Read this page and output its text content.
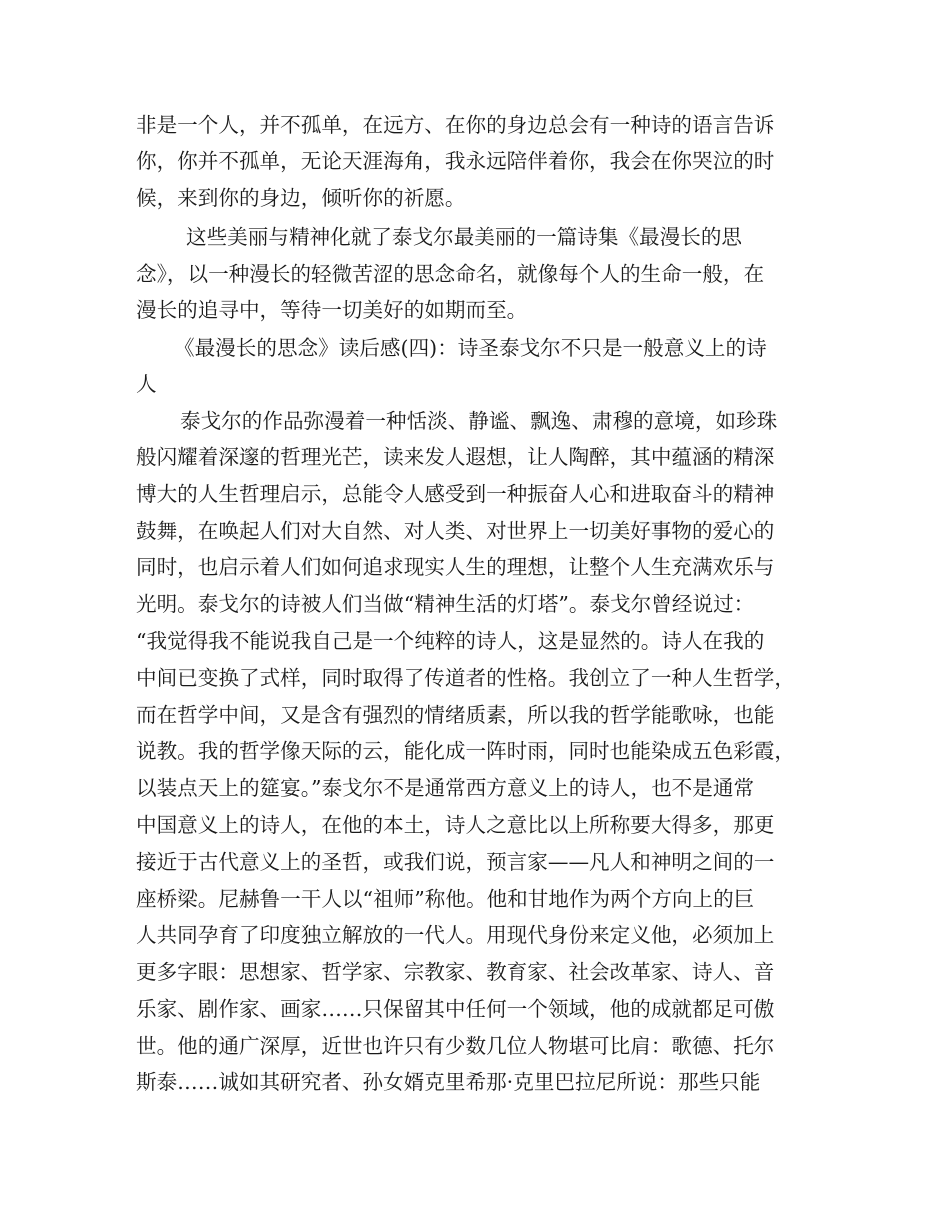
非是一个人，并不孤单，在远方、在你的身边总会有一种诗的语言告诉
你，你并不孤单，无论天涯海角，我永远陪伴着你，我会在你哭泣的时
候，来到你的身边，倾听你的祈愿。
这些美丽与精神化就了泰戈尔最美丽的一篇诗集《最漫长的思
念》，以一种漫长的轻微苦涩的思念命名，就像每个人的生命一般，在
漫长的追寻中，等待一切美好的如期而至。
《最漫长的思念》读后感(四)：诗圣泰戈尔不只是一般意义上的诗
人
泰戈尔的作品弥漫着一种恬淡、静谧、飘逸、肃穆的意境，如珍珠
般闪耀着深邃的哲理光芒，读来发人遐想，让人陶醉，其中蕴涵的精深
博大的人生哲理启示，总能令人感受到一种振奋人心和进取奋斗的精神
鼓舞，在唤起人们对大自然、对人类、对世界上一切美好事物的爱心的
同时，也启示着人们如何追求现实人生的理想，让整个人生充满欢乐与
光明。泰戈尔的诗被人们当做“精神生活的灯塔”。泰戈尔曾经说过：
“我觉得我不能说我自己是一个纯粹的诗人，这是显然的。诗人在我的
中间已变换了式样，同时取得了传道者的性格。我创立了一种人生哲学，
而在哲学中间，又是含有强烈的情绪质素，所以我的哲学能歌咏，也能
说教。我的哲学像天际的云，能化成一阵时雨，同时也能染成五色彩霞，
以装点天上的筵宴。”泰戈尔不是通常西方意义上的诗人，也不是通常
中国意义上的诗人，在他的本土，诗人之意比以上所称要大得多，那更
接近于古代意义上的圣哲，或我们说，预言家——凡人和神明之间的一
座桥梁。尼赫鲁一干人以“祖师”称他。他和甘地作为两个方向上的巨
人共同孕育了印度独立解放的一代人。用现代身份来定义他，必须加上
更多字眼：思想家、哲学家、宗教家、教育家、社会改革家、诗人、音
乐家、剧作家、画家……只保留其中任何一个领域，他的成就都足可傲
世。他的通广深厚，近世也许只有少数几位人物堪可比肩：歌德、托尔
斯泰……诚如其研究者、孙女婿克里希那·克里巴拉尼所说：那些只能
